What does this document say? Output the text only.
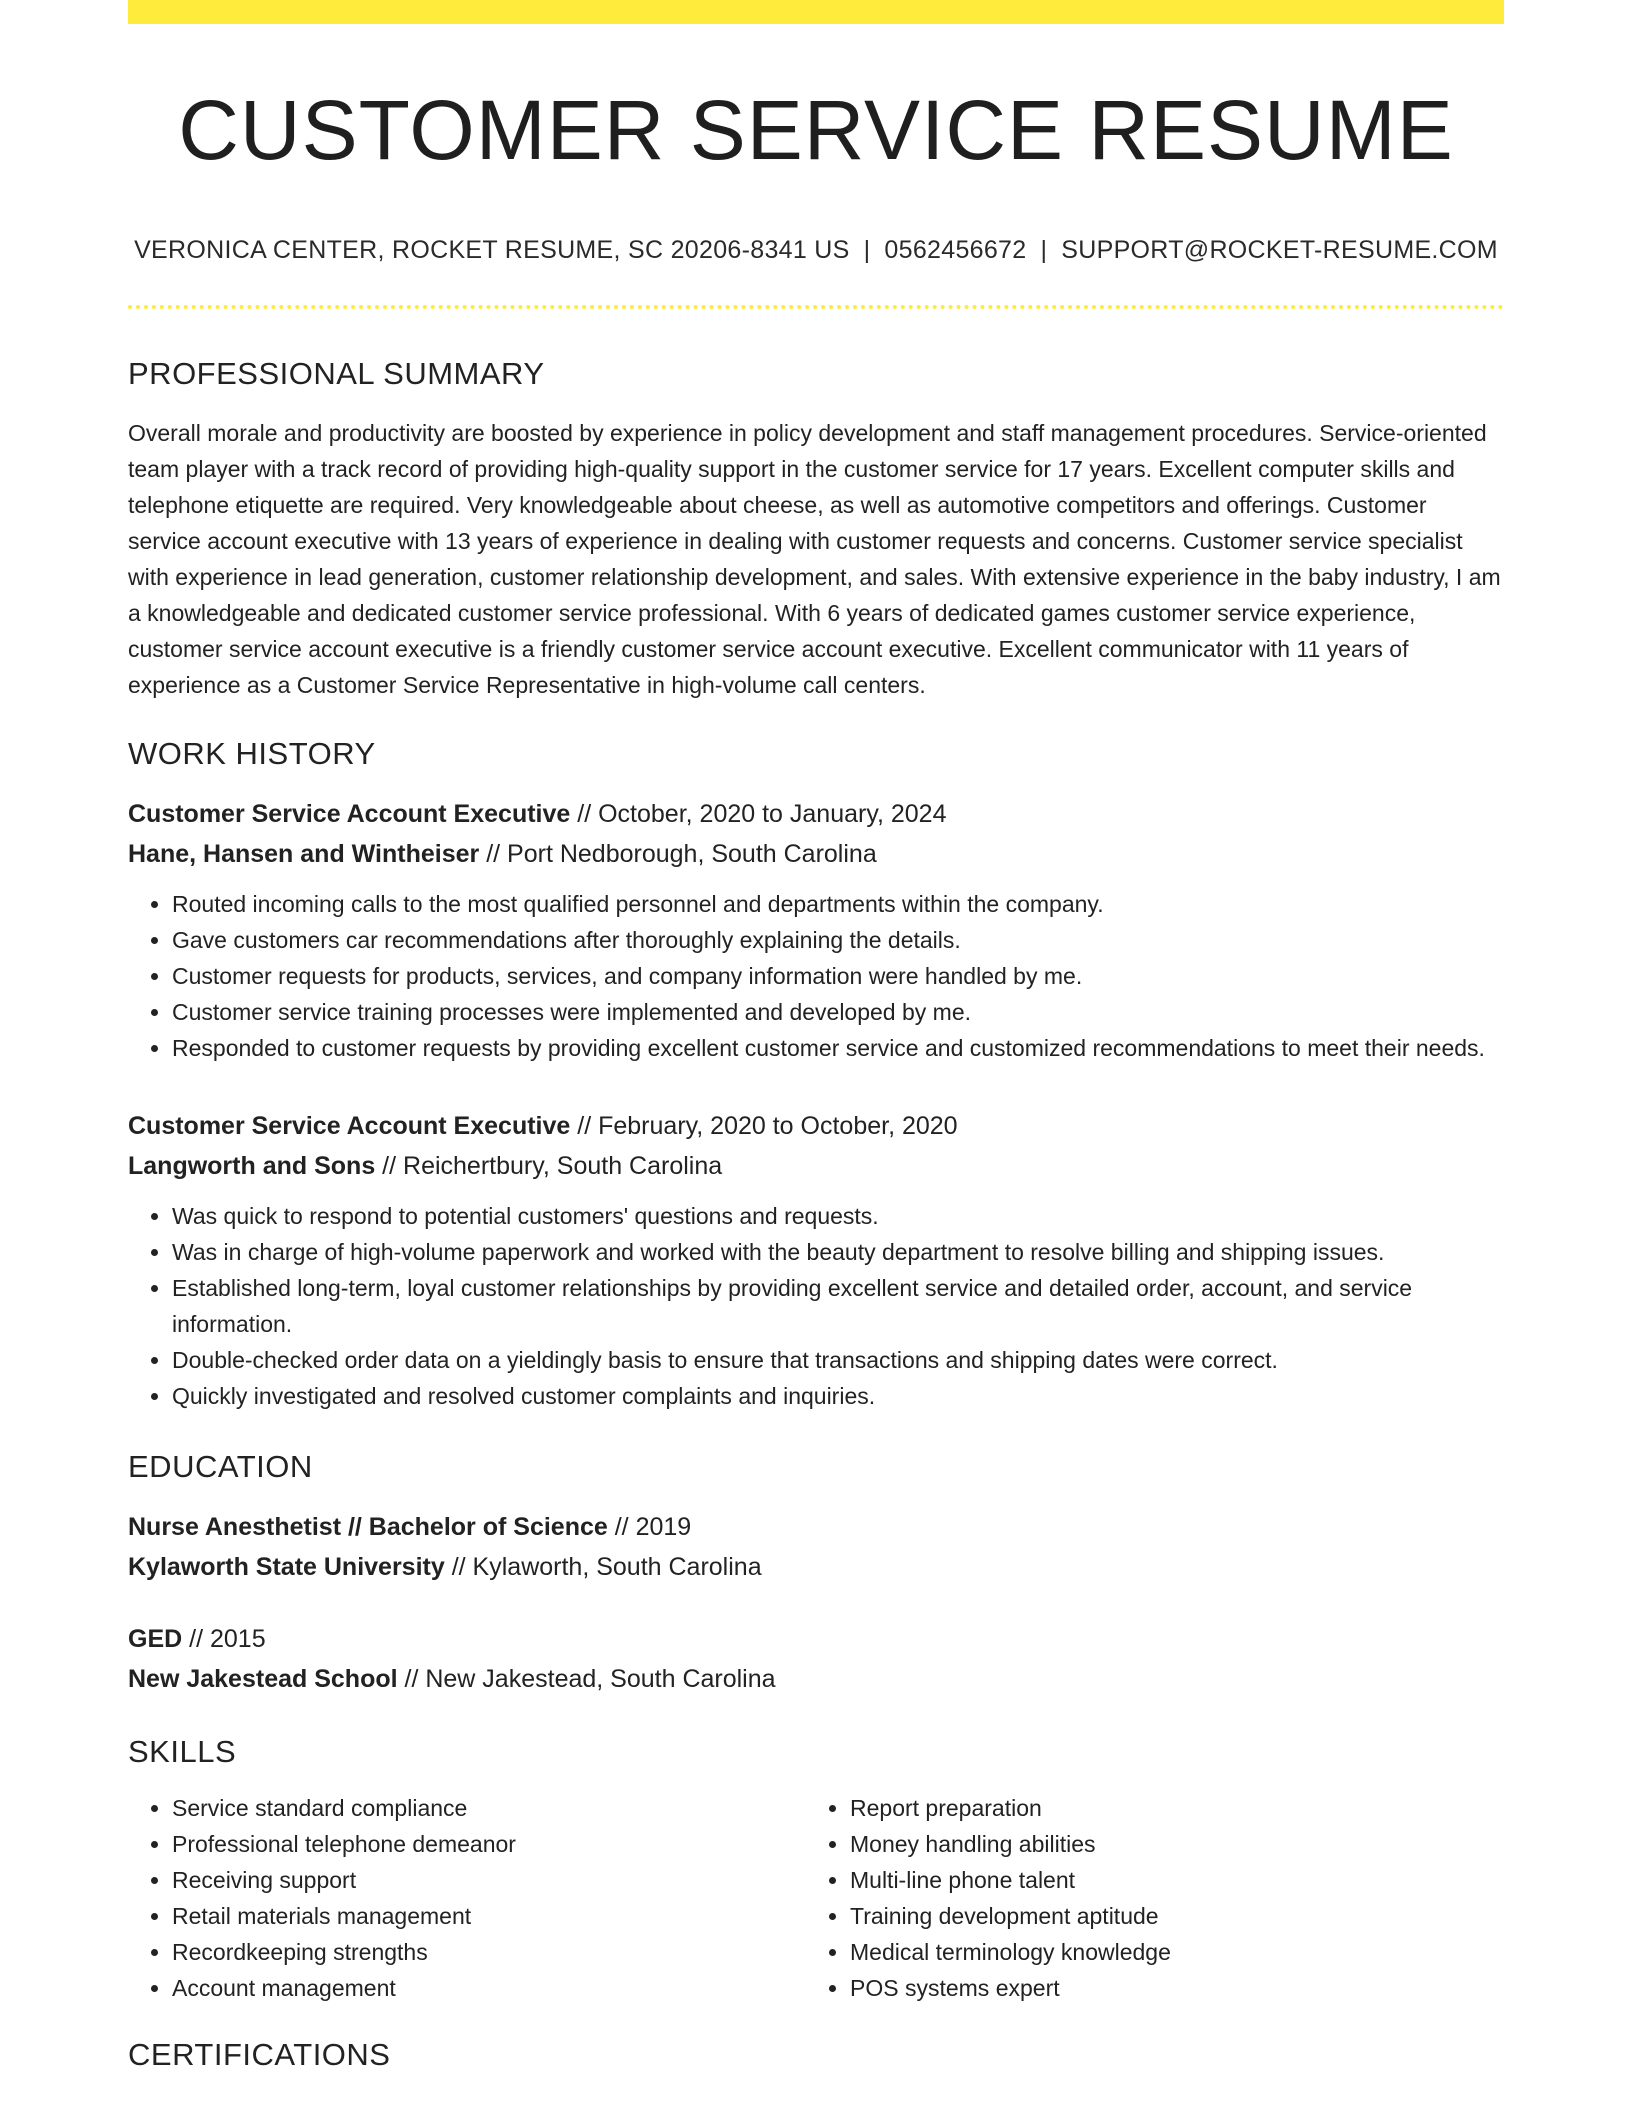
CUSTOMER SERVICE RESUME
VERONICA CENTER, ROCKET RESUME, SC 20206-8341 US | 0562456672 | SUPPORT@ROCKET-RESUME.COM
PROFESSIONAL SUMMARY

Overall morale and productivity are boosted by experience in policy development and staff management procedures. Service-oriented team player with a track record of providing high-quality support in the customer service for 17 years. Excellent computer skills and telephone etiquette are required. Very knowledgeable about cheese, as well as automotive competitors and offerings. Customer service account executive with 13 years of experience in dealing with customer requests and concerns. Customer service specialist with experience in lead generation, customer relationship development, and sales. With extensive experience in the baby industry, I am a knowledgeable and dedicated customer service professional. With 6 years of dedicated games customer service experience, customer service account executive is a friendly customer service account executive. Excellent communicator with 11 years of experience as a Customer Service Representative in high-volume call centers.

WORK HISTORY
Customer Service Account Executive // October, 2020 to January, 2024
Hane, Hansen and Wintheiser // Port Nedborough, South Carolina
• Routed incoming calls to the most qualified personnel and departments within the company.
• Gave customers car recommendations after thoroughly explaining the details.
• Customer requests for products, services, and company information were handled by me.
• Customer service training processes were implemented and developed by me.
• Responded to customer requests by providing excellent customer service and customized recommendations to meet their needs.
Customer Service Account Executive // February, 2020 to October, 2020
Langworth and Sons // Reichertbury, South Carolina
• Was quick to respond to potential customers' questions and requests.
• Was in charge of high-volume paperwork and worked with the beauty department to resolve billing and shipping issues.
• Established long-term, loyal customer relationships by providing excellent service and detailed order, account, and service information.
• Double-checked order data on a yieldingly basis to ensure that transactions and shipping dates were correct.
• Quickly investigated and resolved customer complaints and inquiries.
EDUCATION
Nurse Anesthetist // Bachelor of Science // 2019
Kylaworth State University // Kylaworth, South Carolina
GED // 2015
New Jakestead School // New Jakestead, South Carolina
SKILLS
• Service standard compliance
• Professional telephone demeanor
• Receiving support
• Retail materials management
• Recordkeeping strengths
• Account management
• Report preparation
• Money handling abilities
• Multi-line phone talent
• Training development aptitude
• Medical terminology knowledge
• POS systems expert
CERTIFICATIONS
